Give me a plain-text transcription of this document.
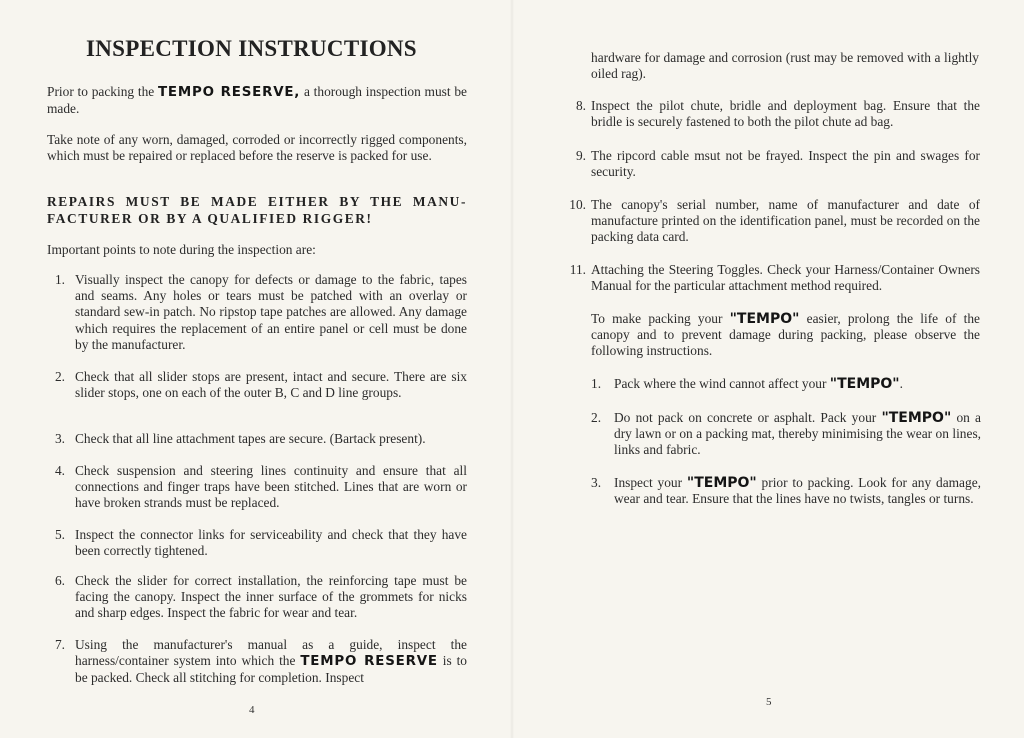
INSPECTION INSTRUCTIONS
Prior to packing the TEMPO RESERVE, a thorough inspection must be made.
Take note of any worn, damaged, corroded or incorrectly rigged components, which must be repaired or replaced before the reserve is packed for use.
REPAIRS MUST BE MADE EITHER BY THE MANU- FACTURER OR BY A QUALIFIED RIGGER!
Important points to note during the inspection are:
1. Visually inspect the canopy for defects or damage to the fabric, tapes and seams. Any holes or tears must be patched with an overlay or standard sew-in patch. No ripstop tape patches are allowed. Any damage which requires the replacement of an entire panel or cell must be done by the manufacturer.
2. Check that all slider stops are present, intact and secure. There are six slider stops, one on each of the outer B, C and D line groups.
3. Check that all line attachment tapes are secure. (Bartack present).
4. Check suspension and steering lines continuity and ensure that all connections and finger traps have been stitched. Lines that are worn or have broken strands must be replaced.
5. Inspect the connector links for serviceability and check that they have been correctly tightened.
6. Check the slider for correct installation, the reinforcing tape must be facing the canopy. Inspect the inner surface of the grommets for nicks and sharp edges. Inspect the fabric for wear and tear.
7. Using the manufacturer's manual as a guide, inspect the harness/container system into which the TEMPO RESERVE is to be packed. Check all stitching for completion. Inspect
4
hardware for damage and corrosion (rust may be removed with a lightly oiled rag).
8. Inspect the pilot chute, bridle and deployment bag. Ensure that the bridle is securely fastened to both the pilot chute ad bag.
9. The ripcord cable msut not be frayed. Inspect the pin and swages for security.
10. The canopy's serial number, name of manufacturer and date of manufacture printed on the identification panel, must be recorded on the packing data card.
11. Attaching the Steering Toggles. Check your Harness/Container Owners Manual for the particular attachment method required.
To make packing your "TEMPO" easier, prolong the life of the canopy and to prevent damage during packing, please observe the following instructions.
1. Pack where the wind cannot affect your "TEMPO".
2. Do not pack on concrete or asphalt. Pack your "TEMPO" on a dry lawn or on a packing mat, thereby minimising the wear on lines, links and fabric.
3. Inspect your "TEMPO" prior to packing. Look for any damage, wear and tear. Ensure that the lines have no twists, tangles or turns.
5
